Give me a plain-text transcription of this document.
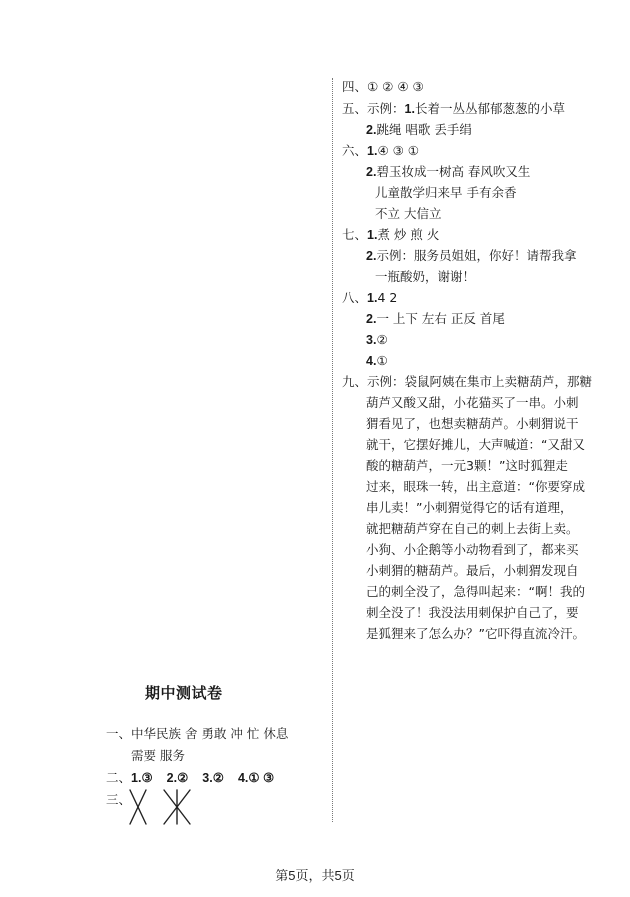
四、① ② ④ ③
五、示例：1.长着一丛丛郁郁葱葱的小草
2.跳绳 唱歌 丢手绢
六、1.④ ③ ①
2.碧玉妆成一树高 春风吹又生
儿童散学归来早 手有余香
不立 大信立
七、1.煮 炒 煎 火
2.示例：服务员姐姐，你好！请帮我拿
一瓶酸奶，谢谢！
八、1.4 2
2.一 上下 左右 正反 首尾
3.②
4.①
九、示例：袋鼠阿姨在集市上卖糖葫芦，那糖
葫芦又酸又甜，小花猫买了一串。小刺
猬看见了，也想卖糖葫芦。小刺猬说干
就干，它摆好摊儿，大声喊道：“又甜又
酸的糖葫芦，一元3颗！”这时狐狸走
过来，眼珠一转，出主意道：“你要穿成
串儿卖！”小刺猬觉得它的话有道理，
就把糖葫芦穿在自己的刺上去街上卖。
小狗、小企鹅等小动物看到了，都来买
小刺猬的糖葫芦。最后，小刺猬发现自
己的刺全没了，急得叫起来：“啊！我的
刺全没了！我没法用刺保护自己了，要
是狐狸来了怎么办？”它吓得直流冷汗。
期中测试卷
一、中华民族 舍 勇敢 冲 忙 休息
需要 服务
二、1.③ 2.② 3.② 4.① ③
三、
第5页，共5页
